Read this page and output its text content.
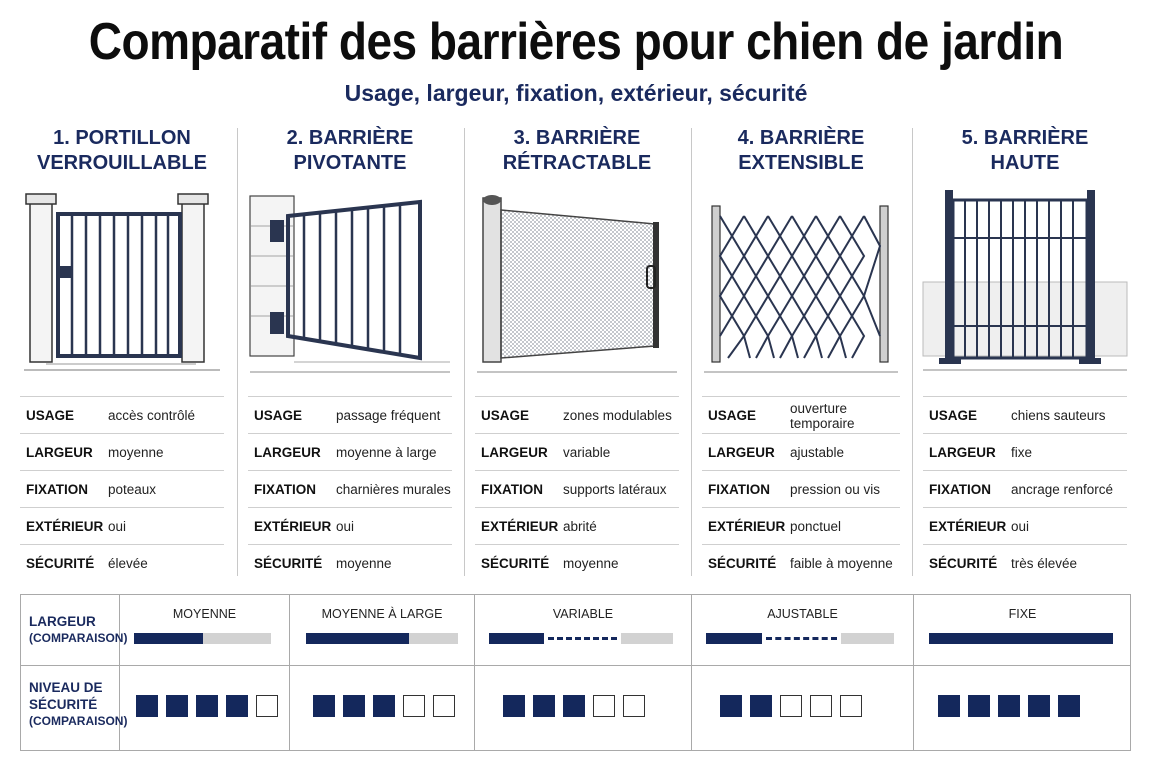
Comparatif des barrières pour chien de jardin
Usage, largeur, fixation, extérieur, sécurité
1. PORTILLON
VERROUILLABLE
USAGE	accès contrôlé
LARGEUR	moyenne
FIXATION	poteaux
EXTÉRIEUR oui
SÉCURITÉ	élevée
2. BARRIÈRE
PIVOTANTE
USAGE	passage fréquent
LARGEUR	moyenne à large
FIXATION	charnières murales
EXTÉRIEUR oui
SÉCURITÉ	moyenne
3. BARRIÈRE
RÉTRACTABLE
USAGE	zones modulables
LARGEUR	variable
FIXATION	supports latéraux
EXTÉRIEUR abrité
SÉCURITÉ	moyenne
4. BARRIÈRE
EXTENSIBLE
USAGE	ouverture temporaire
LARGEUR	ajustable
FIXATION	pression ou vis
EXTÉRIEUR ponctuel
SÉCURITÉ	faible à moyenne
5. BARRIÈRE
HAUTE
USAGE	chiens sauteurs
LARGEUR	fixe
FIXATION	ancrage renforcé
EXTÉRIEUR oui
SÉCURITÉ	très élevée
LARGEUR
(COMPARAISON)
NIVEAU DE
SÉCURITÉ
(COMPARAISON)
MOYENNE	MOYENNE À LARGE	VARIABLE	AJUSTABLE	FIXE
